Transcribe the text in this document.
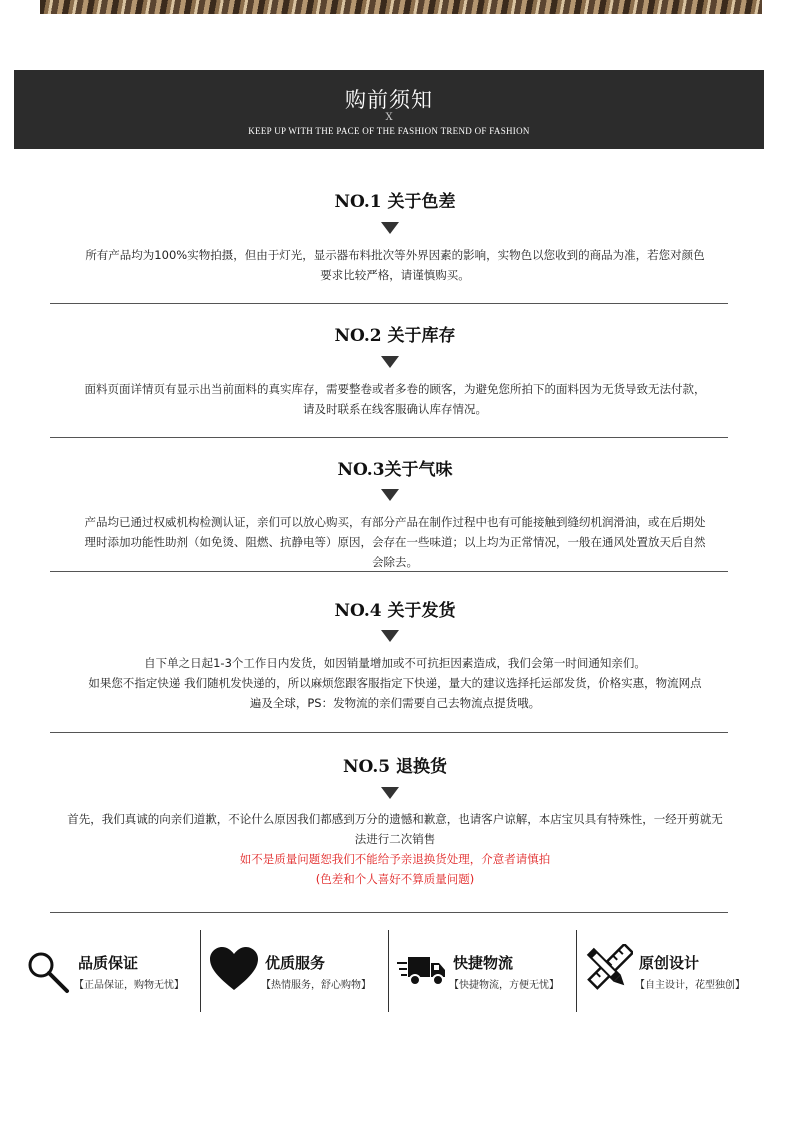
购前须知
X
KEEP UP WITH THE PACE OF THE FASHION TREND OF FASHION
NO.1 关于色差
所有产品均为100%实物拍摄，但由于灯光，显示器布料批次等外界因素的影响，实物色以您收到的商品为准，若您对颜色
要求比较严格，请谨慎购买。
NO.2 关于库存
面料页面详情页有显示出当前面料的真实库存，需要整卷或者多卷的顾客，为避免您所拍下的面料因为无货导致无法付款，
请及时联系在线客服确认库存情况。
NO.3关于气味
产品均已通过权威机构检测认证，亲们可以放心购买，有部分产品在制作过程中也有可能接触到缝纫机润滑油，或在后期处
理时添加功能性助剂（如免烫、阻燃、抗静电等）原因，会存在一些味道；以上均为正常情况，一般在通风处置放天后自然
会除去。
NO.4 关于发货
自下单之日起1-3个工作日内发货，如因销量增加或不可抗拒因素造成，我们会第一时间通知亲们。
如果您不指定快递 我们随机发快递的，所以麻烦您跟客服指定下快递，量大的建议选择托运部发货，价格实惠，物流网点
遍及全球，PS：发物流的亲们需要自己去物流点提货哦。
NO.5 退换货
首先，我们真诚的向亲们道歉，不论什么原因我们都感到万分的遗憾和歉意，也请客户谅解，本店宝贝具有特殊性，一经开剪就无
法进行二次销售
如不是质量问题恕我们不能给予亲退换货处理，介意者请慎拍
(色差和个人喜好不算质量问题)
品质保证
【正品保证，购物无忧】
优质服务
【热情服务，舒心购物】
快捷物流
【快捷物流，方便无忧】
原创设计
【自主设计，花型独创】
